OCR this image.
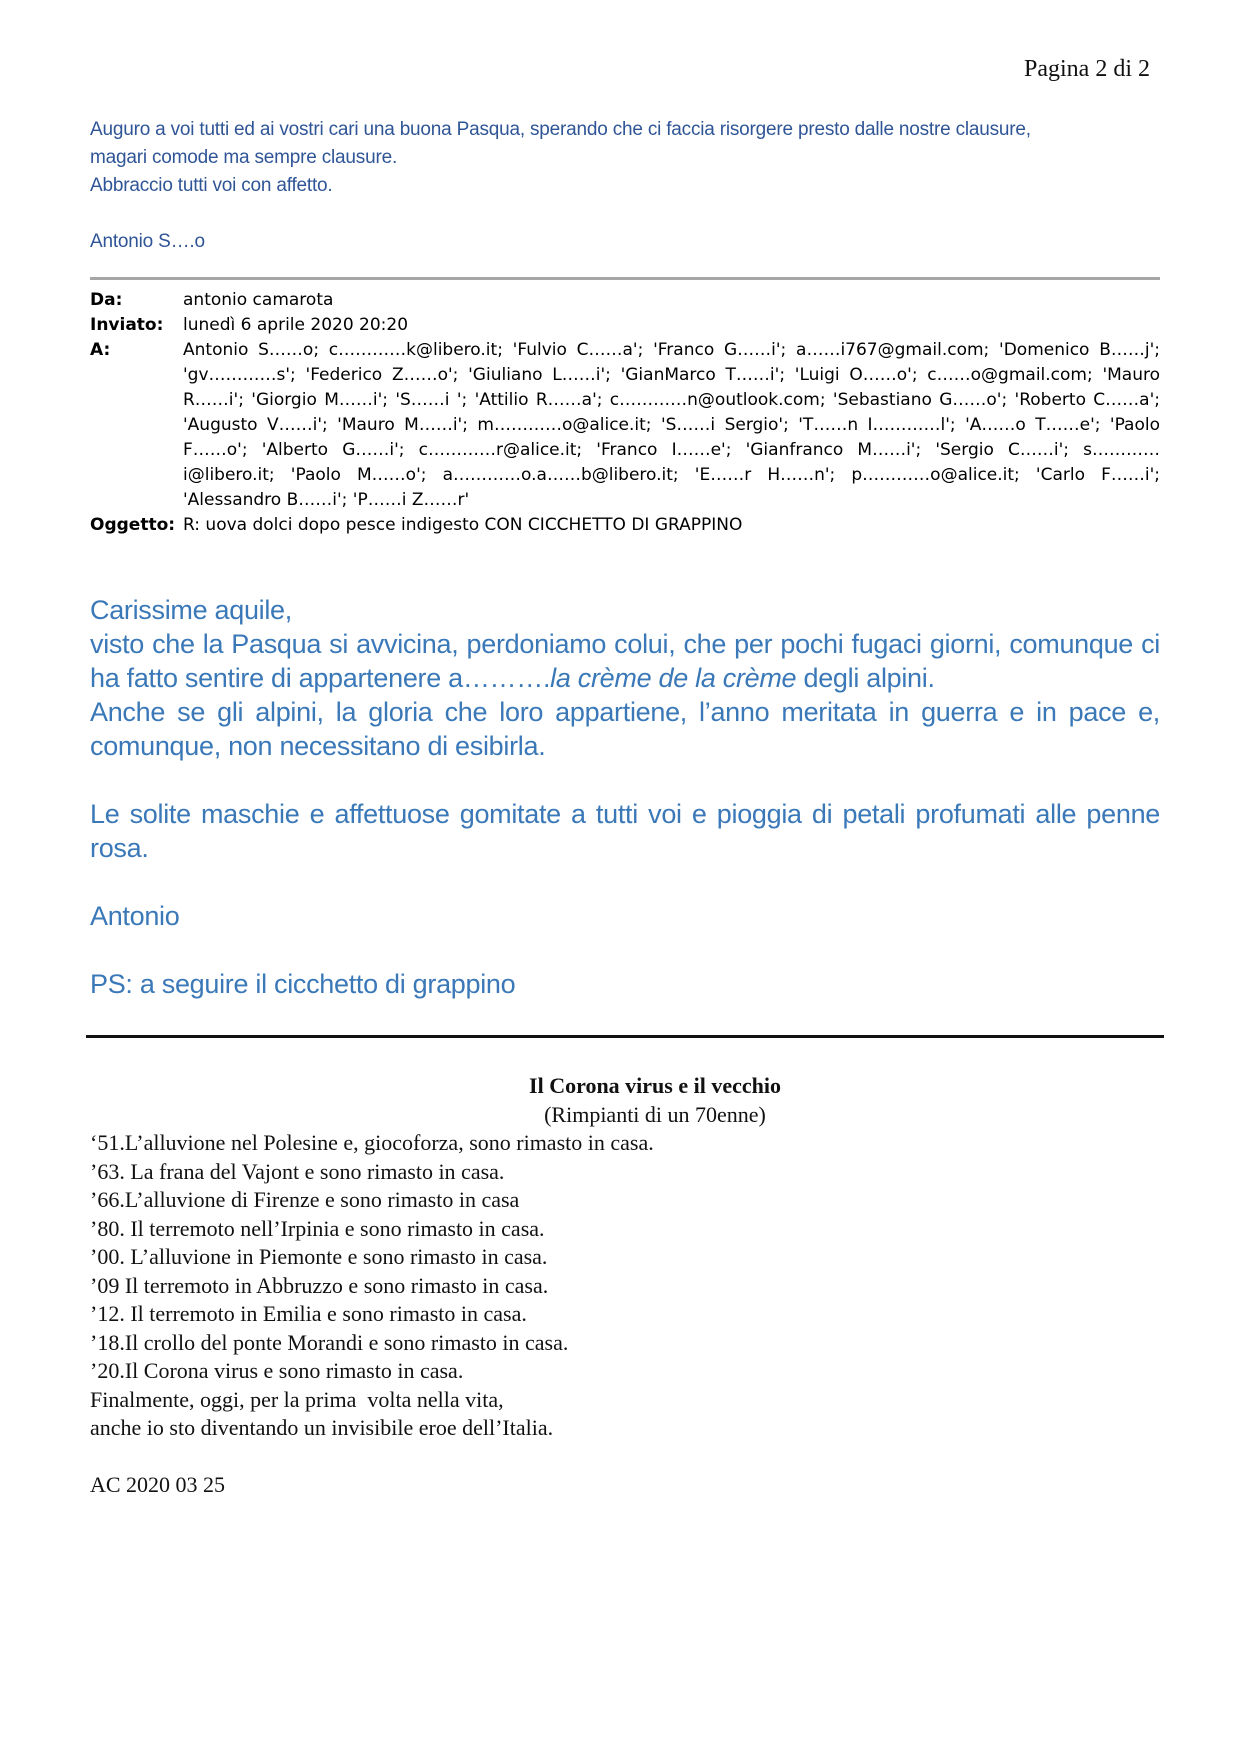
Pagina 2 di 2
Auguro a voi tutti ed ai vostri cari una buona Pasqua, sperando che ci faccia risorgere presto dalle nostre clausure,
magari comode ma sempre clausure.
Abbraccio tutti voi con affetto.
Antonio S….o
Da:	antonio camarota
Inviato:	lunedì 6 aprile 2020 20:20
A:	Antonio S……o; c…………k@libero.it; 'Fulvio C……a'; 'Franco G……i'; a……i767@gmail.com; 'Domenico B……j'; 'gv…………s'; 'Federico Z……o'; 'Giuliano L……i'; 'GianMarco T……i'; 'Luigi O……o'; c……o@gmail.com; 'Mauro R……i'; 'Giorgio M……i'; 'S……i '; 'Attilio R……a'; c…………n@outlook.com; 'Sebastiano G……o'; 'Roberto C……a'; 'Augusto V……i'; 'Mauro M……i'; m…………o@alice.it; 'S……i Sergio'; 'T……n I…………l'; 'A……o T……e'; 'Paolo F……o'; 'Alberto G……i'; c…………r@alice.it; 'Franco I……e'; 'Gianfranco M……i'; 'Sergio C……i'; s…………i@libero.it; 'Paolo M……o'; a…………o.a……b@libero.it; 'E……r H……n'; p…………o@alice.it; 'Carlo F……i'; 'Alessandro B……i'; 'P……i Z……r'
Oggetto: R: uova dolci dopo pesce indigesto CON CICCHETTO DI GRAPPINO

Carissime aquile,

visto che la Pasqua si avvicina, perdoniamo colui, che per pochi fugaci giorni, comunque ci ha fatto sentire di appartenere a……….la crème de la crème degli alpini.

Anche se gli alpini, la gloria che loro appartiene, l’anno meritata in guerra e in pace e, comunque, non necessitano di esibirla.

Le solite maschie e affettuose gomitate a tutti voi e pioggia di petali profumati alle penne rosa.

Antonio

PS: a seguire il cicchetto di grappino

Il Corona virus e il vecchio
(Rimpianti di un 70enne)
‘51.L’alluvione nel Polesine e, giocoforza, sono rimasto in casa.
’63. La frana del Vajont e sono rimasto in casa.
’66.L’alluvione di Firenze e sono rimasto in casa
’80. Il terremoto nell’Irpinia e sono rimasto in casa.
’00. L’alluvione in Piemonte e sono rimasto in casa.
’09 Il terremoto in Abbruzzo e sono rimasto in casa.
’12. Il terremoto in Emilia e sono rimasto in casa.
’18.Il crollo del ponte Morandi e sono rimasto in casa.
’20.Il Corona virus e sono rimasto in casa.
Finalmente, oggi, per la prima  volta nella vita,
anche io sto diventando un invisibile eroe dell’Italia.
AC 2020 03 25
